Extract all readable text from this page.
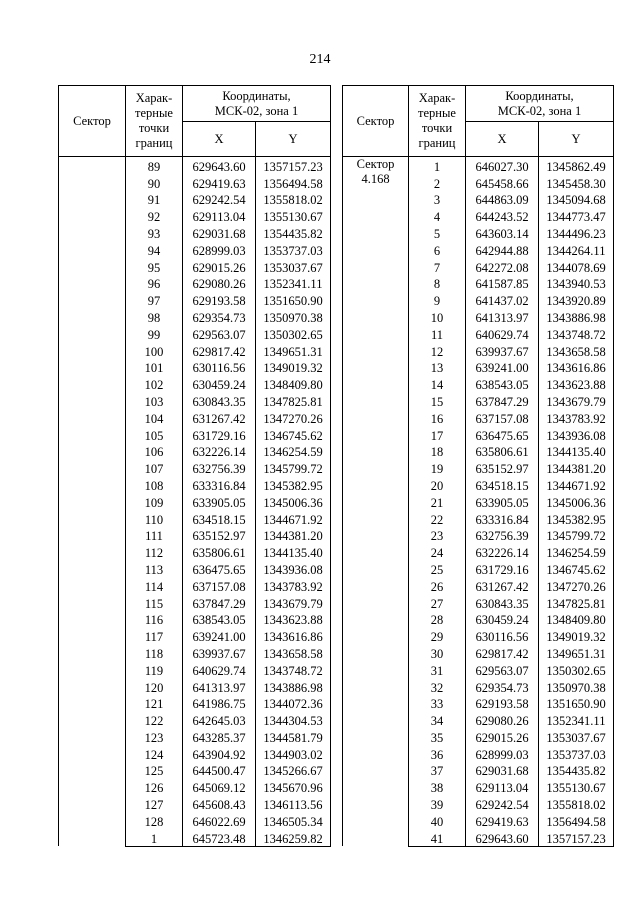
214
Сектор	Харак-
терные
точки
границ	Координаты,
МСК-02, зона 1	

		X	Y
	89	629643.60	1357157.23
	90	629419.63	1356494.58
	91	629242.54	1355818.02
	92	629113.04	1355130.67
	93	629031.68	1354435.82
	94	628999.03	1353737.03
	95	629015.26	1353037.67
	96	629080.26	1352341.11
	97	629193.58	1351650.90
	98	629354.73	1350970.38
	99	629563.07	1350302.65
	100	629817.42	1349651.31
	101	630116.56	1349019.32
	102	630459.24	1348409.80
	103	630843.35	1347825.81
	104	631267.42	1347270.26
	105	631729.16	1346745.62
	106	632226.14	1346254.59
	107	632756.39	1345799.72
	108	633316.84	1345382.95
	109	633905.05	1345006.36
	110	634518.15	1344671.92
	111	635152.97	1344381.20
	112	635806.61	1344135.40
	113	636475.65	1343936.08
	114	637157.08	1343783.92
	115	637847.29	1343679.79
	116	638543.05	1343623.88
	117	639241.00	1343616.86
	118	639937.67	1343658.58
	119	640629.74	1343748.72
	120	641313.97	1343886.98
	121	641986.75	1344072.36
	122	642645.03	1344304.53
	123	643285.37	1344581.79
	124	643904.92	1344903.02
	125	644500.47	1345266.67
	126	645069.12	1345670.96
	127	645608.43	1346113.56
	128	646022.69	1346505.34
	1	645723.48	1346259.82
Сектор	Харак-
терные
точки
границ	Координаты,
МСК-02, зона 1	

		X	Y

Сектор
4.168	1	646027.30	1345862.49
	2	645458.66	1345458.30
	3	644863.09	1345094.68
	4	644243.52	1344773.47
	5	643603.14	1344496.23
	6	642944.88	1344264.11
	7	642272.08	1344078.69
	8	641587.85	1343940.53
	9	641437.02	1343920.89
	10	641313.97	1343886.98
	11	640629.74	1343748.72
	12	639937.67	1343658.58
	13	639241.00	1343616.86
	14	638543.05	1343623.88
	15	637847.29	1343679.79
	16	637157.08	1343783.92
	17	636475.65	1343936.08
	18	635806.61	1344135.40
	19	635152.97	1344381.20
	20	634518.15	1344671.92
	21	633905.05	1345006.36
	22	633316.84	1345382.95
	23	632756.39	1345799.72
	24	632226.14	1346254.59
	25	631729.16	1346745.62
	26	631267.42	1347270.26
	27	630843.35	1347825.81
	28	630459.24	1348409.80
	29	630116.56	1349019.32
	30	629817.42	1349651.31
	31	629563.07	1350302.65
	32	629354.73	1350970.38
	33	629193.58	1351650.90
	34	629080.26	1352341.11
	35	629015.26	1353037.67
	36	628999.03	1353737.03
	37	629031.68	1354435.82
	38	629113.04	1355130.67
	39	629242.54	1355818.02
	40	629419.63	1356494.58
	41	629643.60	1357157.23
